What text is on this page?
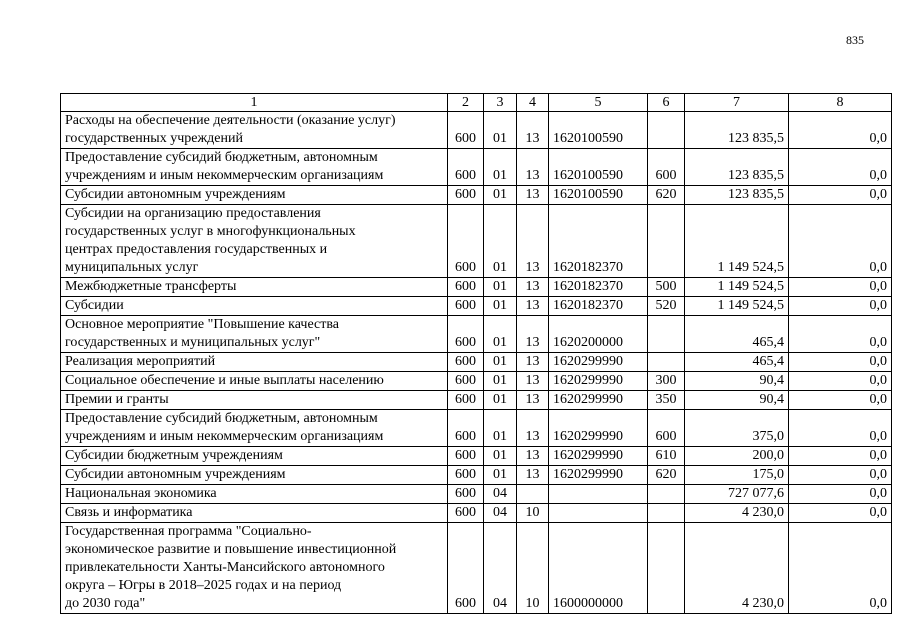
835
1	2	3	4	5	6	7	8
Расходы на обеспечение деятельности (оказание услуг)
государственных учреждений	600	01	13	1620100590		123 835,5	0,0
Предоставление субсидий бюджетным, автономным
учреждениям и иным некоммерческим организациям	600	01	13	1620100590	600	123 835,5	0,0
Субсидии автономным учреждениям	600	01	13	1620100590	620	123 835,5	0,0
Субсидии на организацию предоставления
государственных услуг в многофункциональных
центрах предоставления государственных и
муниципальных услуг	600	01	13	1620182370		1 149 524,5	0,0
Межбюджетные трансферты	600	01	13	1620182370	500	1 149 524,5	0,0
Субсидии	600	01	13	1620182370	520	1 149 524,5	0,0
Основное мероприятие "Повышение качества
государственных и муниципальных услуг"	600	01	13	1620200000		465,4	0,0
Реализация мероприятий	600	01	13	1620299990		465,4	0,0
Социальное обеспечение и иные выплаты населению	600	01	13	1620299990	300	90,4	0,0
Премии и гранты	600	01	13	1620299990	350	90,4	0,0
Предоставление субсидий бюджетным, автономным
учреждениям и иным некоммерческим организациям	600	01	13	1620299990	600	375,0	0,0
Субсидии бюджетным учреждениям	600	01	13	1620299990	610	200,0	0,0
Субсидии автономным учреждениям	600	01	13	1620299990	620	175,0	0,0
Национальная экономика	600	04				727 077,6	0,0
Связь и информатика	600	04	10			4 230,0	0,0
Государственная программа "Социально-
экономическое развитие и повышение инвестиционной
привлекательности Ханты-Мансийского автономного
округа – Югры в 2018–2025 годах и на период
до 2030 года"	600	04	10	1600000000		4 230,0	0,0
